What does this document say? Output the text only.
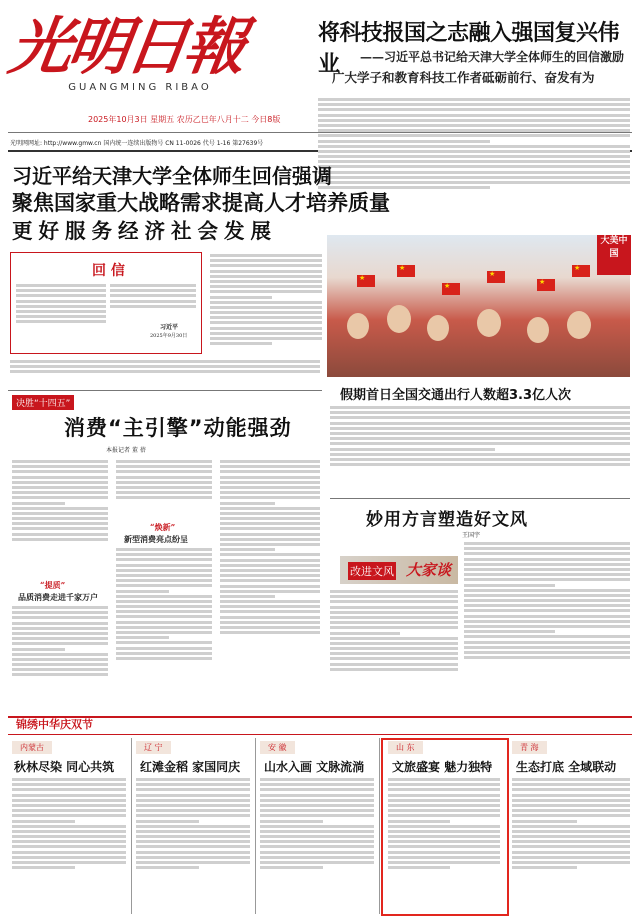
光明日報
GUANGMING RIBAO
2025年10月3日 星期五 农历乙巳年八月十二 今日8版
光明网网址: http://www.gmw.cn 国内统一连续出版物号 CN 11-0026 代号 1-16 第27639号
将科技报国之志融入强国复兴伟业	——习近平总书记给天津大学全体师生的回信激励
广大学子和教育科技工作者砥砺前行、奋发有为
习近平给天津大学全体师生回信强调
聚焦国家重大战略需求提高人才培养质量
更好服务经济社会发展
回 信
习近平
2025年9月30日
★
★
★
★
★
★
大美中国
假期首日全国交通出行人数超3.3亿人次
决胜“十四五”
消费“主引擎”动能强劲
本报记者 董 蓓
“提质”
品质消费走进千家万户
“焕新”
新型消费亮点纷呈
妙用方言塑造好文风
王国宇
改进文风 大家谈
锦绣中华庆双节
内蒙古
秋林尽染 同心共筑
辽 宁
红滩金稻 家国同庆
安 徽
山水入画 文脉流淌
山 东
文旅盛宴 魅力独特
青 海
生态打底 全域联动
